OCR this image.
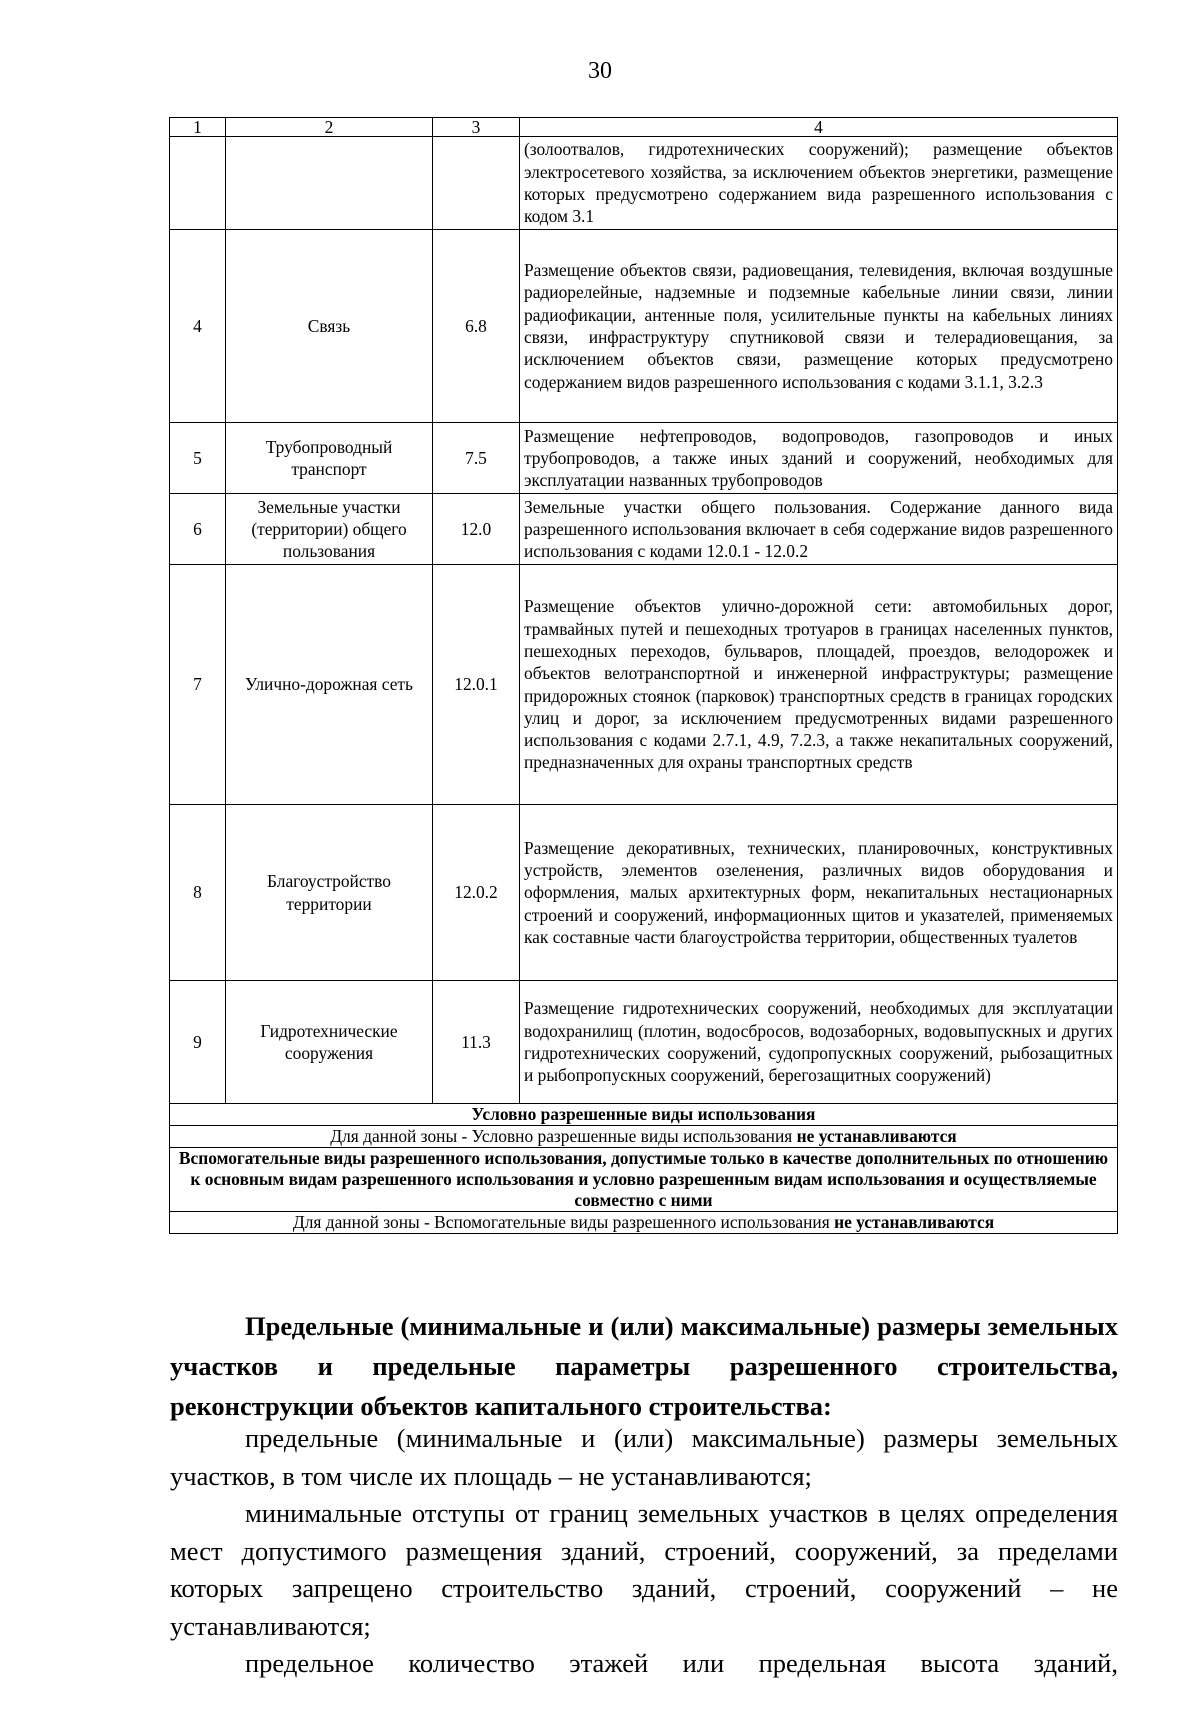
30
1	2	3	4
			(золоотвалов, гидротехнических сооружений); размещение объектов электросетевого хозяйства, за исключением объектов энергетики, размещение которых предусмотрено содержанием вида разрешенного использования с кодом 3.1
4	Связь	6.8	Размещение объектов связи, радиовещания, телевидения, включая воздушные радиорелейные, надземные и подземные кабельные линии связи, линии радиофикации, антенные поля, усилительные пункты на кабельных линиях связи, инфраструктуру спутниковой связи и телерадиовещания, за исключением объектов связи, размещение которых предусмотрено содержанием видов разрешенного использования с кодами 3.1.1, 3.2.3
5	Трубопроводный транспорт	7.5	Размещение нефтепроводов, водопроводов, газопроводов и иных трубопроводов, а также иных зданий и сооружений, необходимых для эксплуатации названных трубопроводов
6	Земельные участки (территории) общего пользования	12.0	Земельные участки общего пользования. Содержание данного вида разрешенного использования включает в себя содержание видов разрешенного использования с кодами 12.0.1 - 12.0.2
7	Улично-дорожная сеть	12.0.1	Размещение объектов улично-дорожной сети: автомобильных дорог, трамвайных путей и пешеходных тротуаров в границах населенных пунктов, пешеходных переходов, бульваров, площадей, проездов, велодорожек и объектов велотранспортной и инженерной инфраструктуры; размещение придорожных стоянок (парковок) транспортных средств в границах городских улиц и дорог, за исключением предусмотренных видами разрешенного использования с кодами 2.7.1, 4.9, 7.2.3, а также некапитальных сооружений, предназначенных для охраны транспортных средств
8	Благоустройство территории	12.0.2	Размещение декоративных, технических, планировочных, конструктивных устройств, элементов озеленения, различных видов оборудования и оформления, малых архитектурных форм, некапитальных нестационарных строений и сооружений, информационных щитов и указателей, применяемых как составные части благоустройства территории, общественных туалетов
9	Гидротехнические сооружения	11.3	Размещение гидротехнических сооружений, необходимых для эксплуатации водохранилищ (плотин, водосбросов, водозаборных, водовыпускных и других гидротехнических сооружений, судопропускных сооружений, рыбозащитных и рыбопропускных сооружений, берегозащитных сооружений)
Условно разрешенные виды использования			
Для данной зоны - Условно разрешенные виды использования не устанавливаются			
Вспомогательные виды разрешенного использования, допустимые только в качестве дополнительных по отношению к основным видам разрешенного использования и условно разрешенным видам использования и осуществляемые совместно с ними			
Для данной зоны - Вспомогательные виды разрешенного использования не устанавливаются			
Предельные (минимальные и (или) максимальные) размеры земельных участков и предельные параметры разрешенного строительства, реконструкции объектов капитального строительства:

предельные (минимальные и (или) максимальные) размеры земельных участков, в том числе их площадь – не устанавливаются;

минимальные отступы от границ земельных участков в целях определения мест допустимого размещения зданий, строений, сооружений, за пределами которых запрещено строительство зданий, строений, сооружений – не устанавливаются;

предельное количество этажей или предельная высота зданий,
